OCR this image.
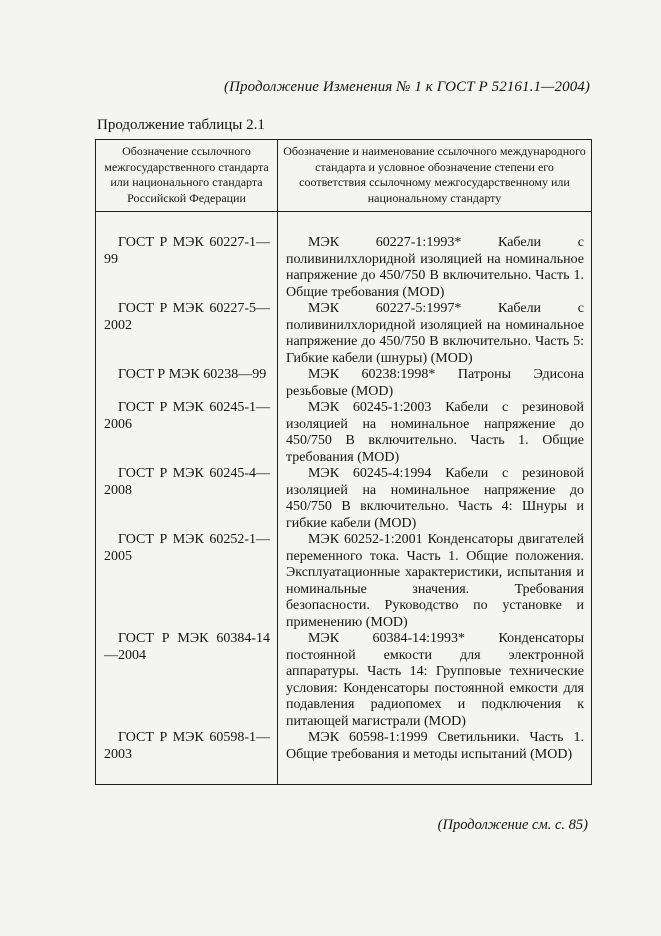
(Продолжение Изменения № 1 к ГОСТ Р 52161.1—2004)
Продолжение таблицы 2.1
Обозначение ссылочного межгосударственного стандарта или национального стандарта Российской Федерации	Обозначение и наименование ссылочного международного стандарта и условное обозначение степени его соответствия ссылочному межгосударственному или национальному стандарту
ГОСТ Р МЭК 60227-1—99	МЭК 60227-1:1993* Кабели с поливинилхлоридной изоляцией на номинальное напряжение до 450/750 В включительно. Часть 1. Общие требования (MOD)
ГОСТ Р МЭК 60227-5—2002	МЭК 60227-5:1997* Кабели с поливинилхлоридной изоляцией на номинальное напряжение до 450/750 В включительно. Часть 5: Гибкие кабели (шнуры) (MOD)
ГОСТ Р МЭК 60238—99	МЭК 60238:1998* Патроны Эдисона резьбовые (MOD)
ГОСТ Р МЭК 60245-1—2006	МЭК 60245-1:2003 Кабели с резиновой изоляцией на номинальное напряжение до 450/750 В включительно. Часть 1. Общие требования (MOD)
ГОСТ Р МЭК 60245-4—2008	МЭК 60245-4:1994 Кабели с резиновой изоляцией на номинальное напряжение до 450/750 В включительно. Часть 4: Шнуры и гибкие кабели (MOD)
ГОСТ Р МЭК 60252-1—2005	МЭК 60252-1:2001 Конденсаторы двигателей переменного тока. Часть 1. Общие положения. Эксплуатационные характеристики, испытания и номинальные значения. Требования безопасности. Руководство по установке и применению (MOD)
ГОСТ Р МЭК 60384-14—2004	МЭК 60384-14:1993* Конденсаторы постоянной емкости для электронной аппаратуры. Часть 14: Групповые технические условия: Конденсаторы постоянной емкости для подавления радиопомех и подключения к питающей магистрали (MOD)
ГОСТ Р МЭК 60598-1—2003	МЭК 60598-1:1999 Светильники. Часть 1. Общие требования и методы испытаний (MOD)
(Продолжение см. с. 85)
